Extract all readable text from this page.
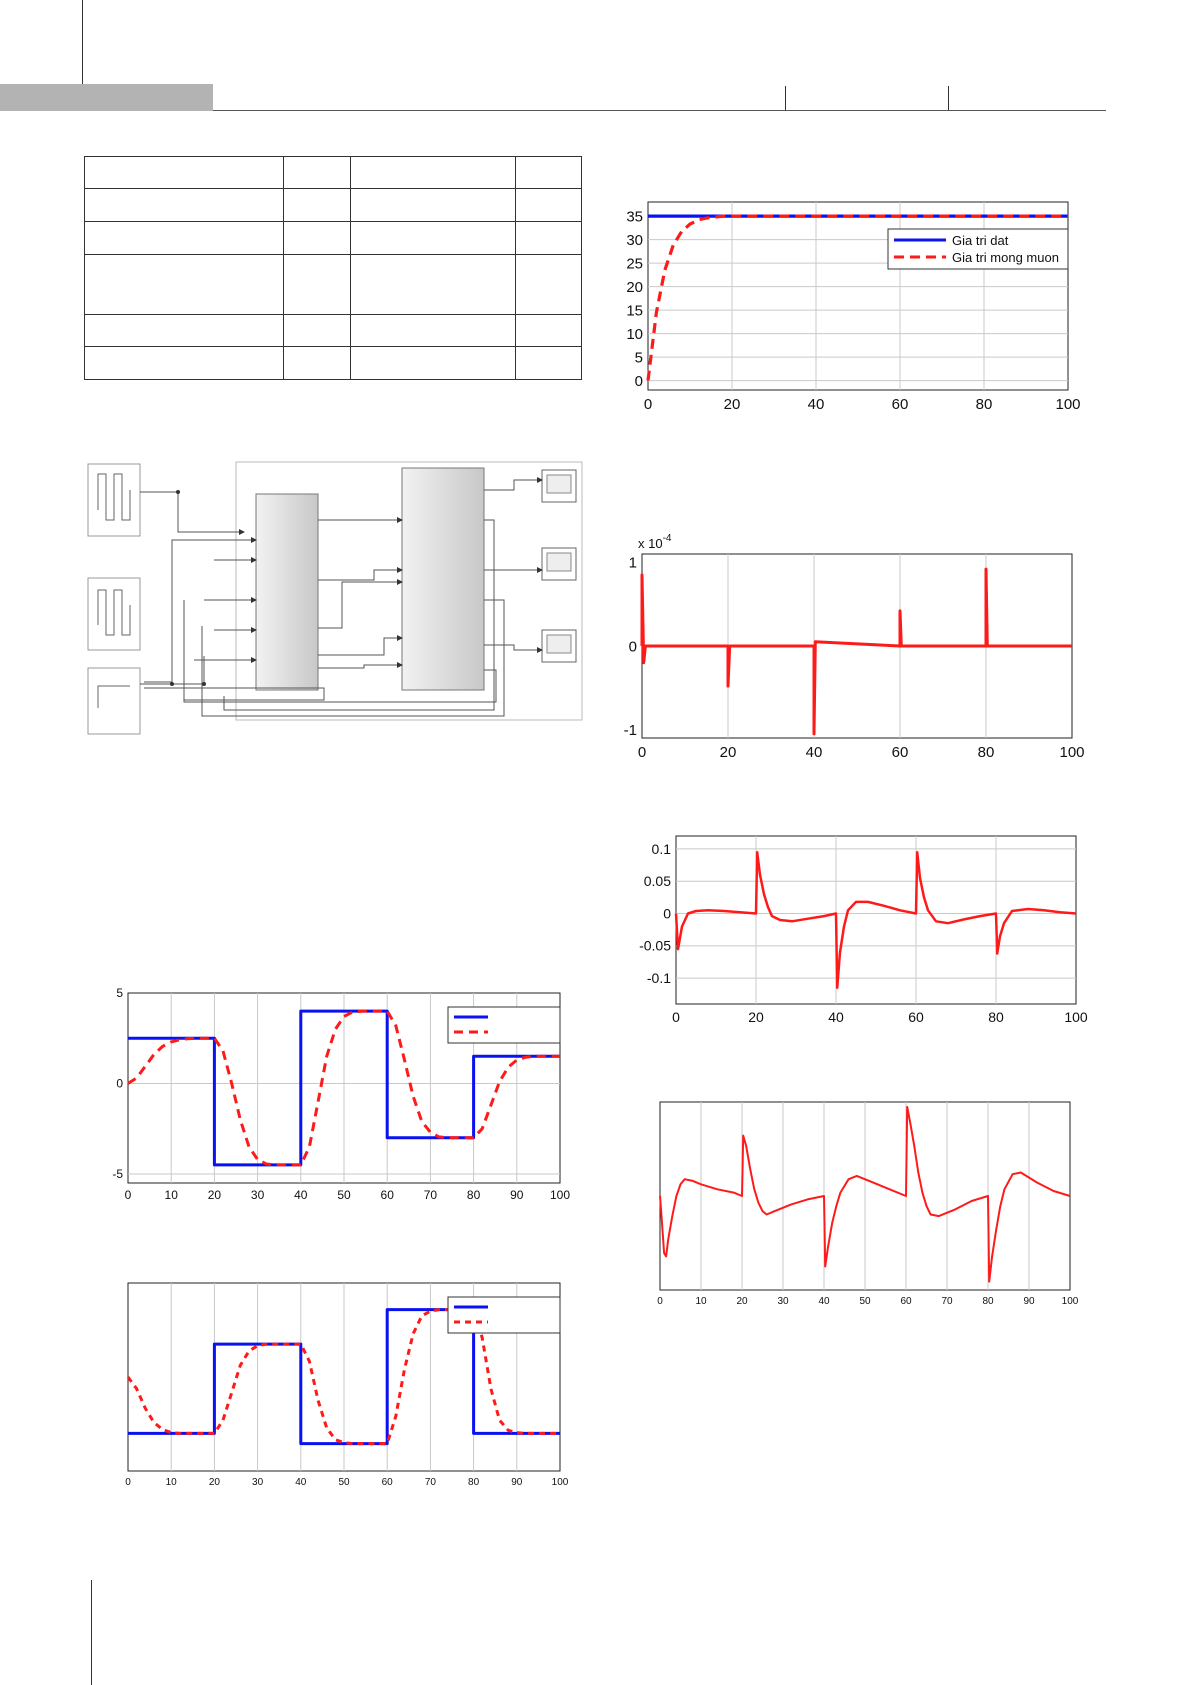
0	20	40	60	80	100
0
5
10
15
20
25
30
35
Gia tri dat
Gia tri mong muon
0	20	40	60	80	100
-1
0
1
x $10^{-4}$
0	20	40	60	80	100
-0.1
-0.05
0
0.05
0.1
0	10	20	30	40	50	60	70	80	90	100
0	10 20 30 40 50 60 70 80 90 100
-5
0
5
0	10	20	30	40	50	60	70	80	90	100
